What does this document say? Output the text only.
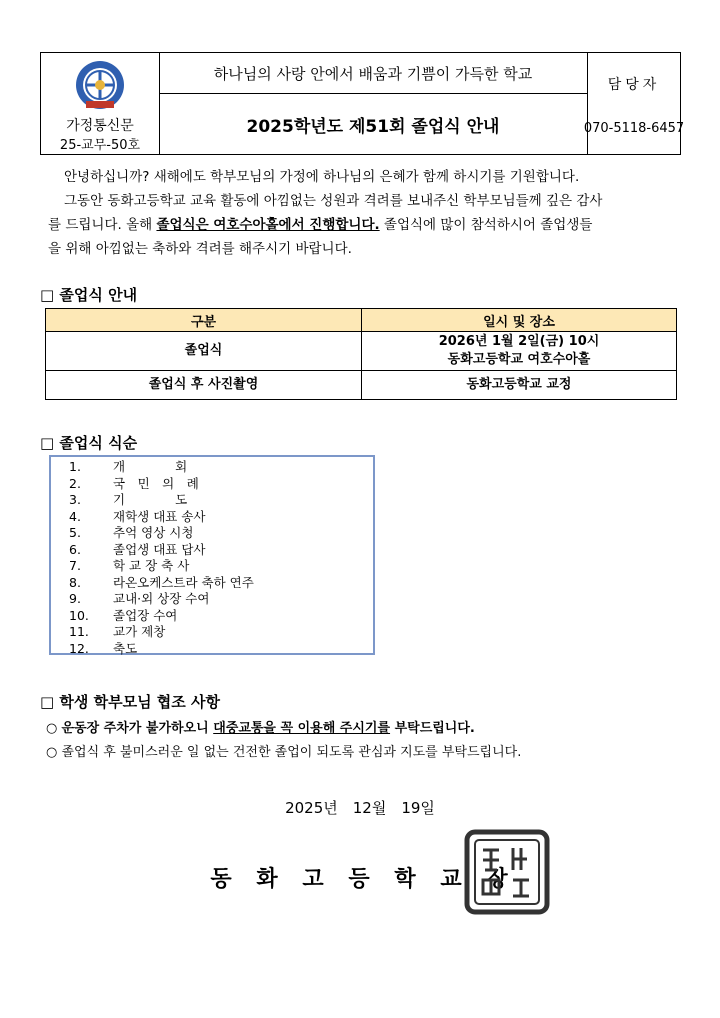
가정통신문
25-교무-50호
하나님의 사랑 안에서 배움과 기쁨이 가득한 학교
2025학년도 제51회 졸업식 안내
담당자
070-5118-6457

안녕하십니까? 새해에도 학부모님의 가정에 하나님의 은혜가 함께 하시기를 기원합니다.

그동안 동화고등학교 교육 활동에 아낌없는 성원과 격려를 보내주신 학부모님들께 깊은 감사

를 드립니다. 올해 졸업식은 여호수아홀에서 진행합니다. 졸업식에 많이 참석하시어 졸업생들

을 위해 아낌없는 축하와 격려를 해주시기 바랍니다.

□ 졸업식 안내
구분	일시 및 장소
졸업식	2026년 1월 2일(금) 10시
동화고등학교 여호수아홀
졸업식 후 사진촬영	동화고등학교 교정
□ 졸업식 식순
1.	개　　　　회
2.	국　민　의　례
3.	기　　　　도
4.	재학생 대표 송사
5.	추억 영상 시청
6.	졸업생 대표 답사
7.	학 교 장 축 사
8.	라온오케스트라 축하 연주
9.	교내·외 상장 수여
10.	졸업장 수여
11.	교가 제창
12.	축도
□ 학생 학부모님 협조 사항
○ 운동장 주차가 불가하오니 대중교통을 꼭 이용해 주시기를 부탁드립니다.
○ 졸업식 후 불미스러운 일 없는 건전한 졸업이 되도록 관심과 지도를 부탁드립니다.
2025년　12월　19일
동 화 고 등 학 교 장
